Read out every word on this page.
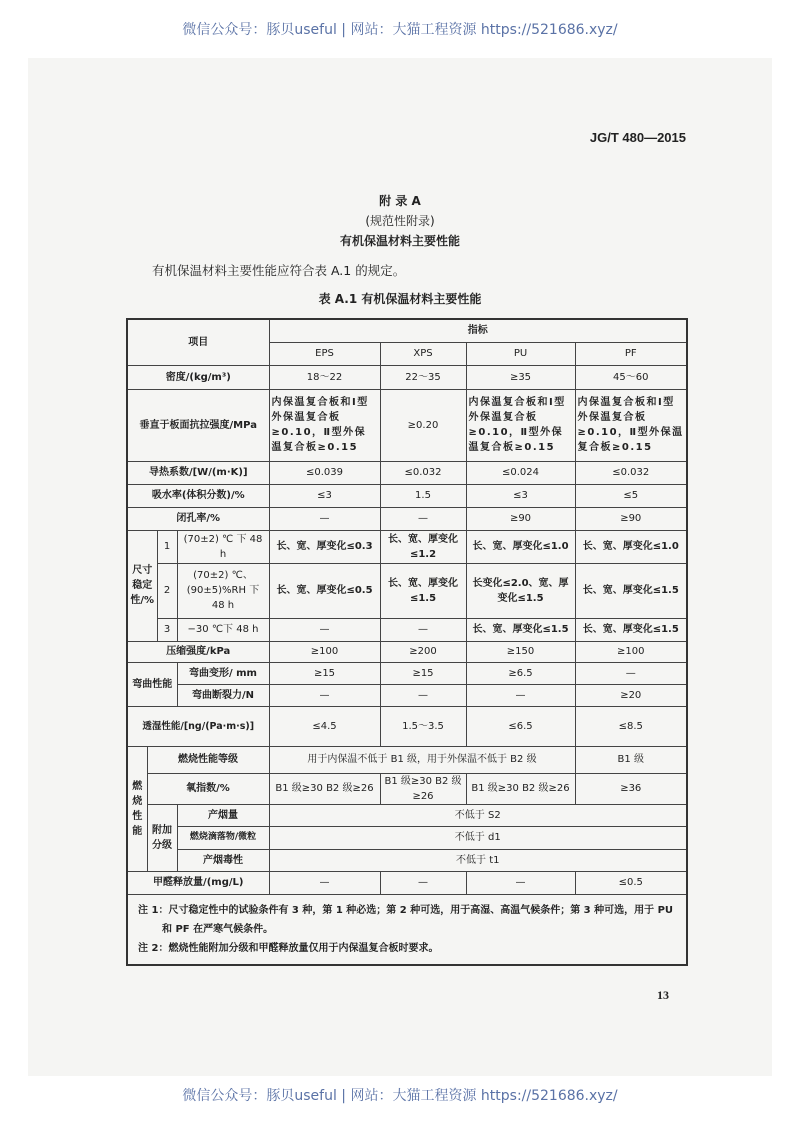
微信公众号：豚贝useful | 网站：大猫工程资源 https://521686.xyz/
JG/T 480—2015
附 录 A
(规范性附录)
有机保温材料主要性能
有机保温材料主要性能应符合表 A.1 的规定。
表 A.1 有机保温材料主要性能
项目				指标			
				EPS	XPS	PU	PF
密度/(kg/m³)				18～22	22～35	≥35	45～60
垂直于板面抗拉强度/MPa				内保温复合板和Ⅰ型外保温复合板≥0.10，Ⅱ型外保温复合板≥0.15	≥0.20	内保温复合板和Ⅰ型外保温复合板≥0.10，Ⅱ型外保温复合板≥0.15	内保温复合板和Ⅰ型外保温复合板≥0.10，Ⅱ型外保温复合板≥0.15
导热系数/[W/(m·K)]				≤0.039	≤0.032	≤0.024	≤0.032
吸水率(体积分数)/%				≤3	1.5	≤3	≤5
闭孔率/%				—	—	≥90	≥90
尺寸稳定性/%		1	(70±2) ℃ 下 48 h	长、宽、厚变化≤0.3	长、宽、厚变化≤1.2	长、宽、厚变化≤1.0	长、宽、厚变化≤1.0
		2	(70±2) ℃、(90±5)%RH 下 48 h	长、宽、厚变化≤0.5	长、宽、厚变化≤1.5	长变化≤2.0、宽、厚变化≤1.5	长、宽、厚变化≤1.5
		3	−30 ℃下 48 h	—	—	长、宽、厚变化≤1.5	长、宽、厚变化≤1.5
压缩强度/kPa				≥100	≥200	≥150	≥100
弯曲性能			弯曲变形/ mm	≥15	≥15	≥6.5	—
			弯曲断裂力/N	—	—	—	≥20
透湿性能/[ng/(Pa·m·s)]				≤4.5	1.5～3.5	≤6.5	≤8.5
燃烧性能	燃烧性能等级			用于内保温不低于 B1 级，用于外保温不低于 B2 级			B1 级
	氧指数/%			B1 级≥30 B2 级≥26	B1 级≥30 B2 级≥26	B1 级≥30 B2 级≥26	≥36
	附加分级		产烟量	不低于 S2			
			燃烧滴落物/微粒	不低于 d1			
			产烟毒性	不低于 t1			
甲醛释放量/(mg/L)				—	—	—	≤0.5

注 1：尺寸稳定性中的试验条件有 3 种，第 1 种必选；第 2 种可选，用于高湿、高温气候条件；第 3 种可选，用于 PU
和 PF 在严寒气候条件。
注 2：燃烧性能附加分级和甲醛释放量仅用于内保温复合板时要求。							
13
微信公众号：豚贝useful | 网站：大猫工程资源 https://521686.xyz/
